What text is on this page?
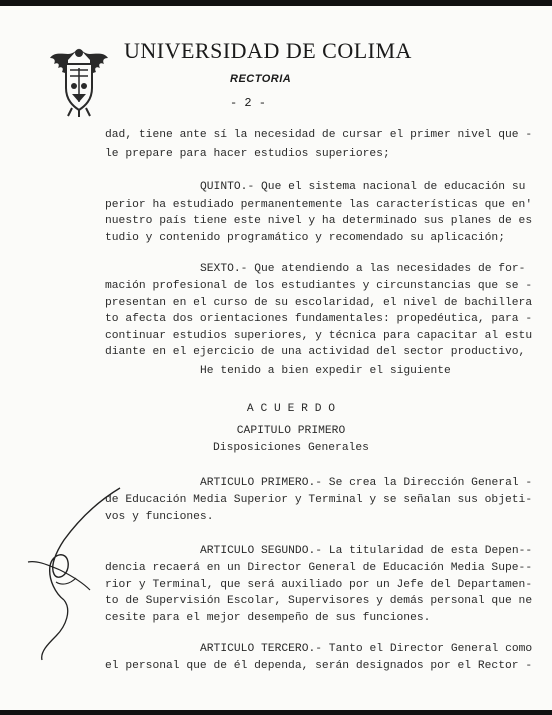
UNIVERSIDAD DE COLIMA
RECTORIA
- 2 -
dad, tiene ante sí la necesidad de cursar el primer nivel que -
le prepare para hacer estudios superiores;
QUINTO.- Que el sistema nacional de educación su
perior ha estudiado permanentemente las características que en'
nuestro país tiene este nivel y ha determinado sus planes de es
tudio y contenido programático y recomendado su aplicación;
SEXTO.- Que atendiendo a las necesidades de for-
mación profesional de los estudiantes y circunstancias que se -
presentan en el curso de su escolaridad, el nivel de bachillera
to afecta dos orientaciones fundamentales: propedéutica, para -
continuar estudios superiores, y técnica para capacitar al estu
diante en el ejercicio de una actividad del sector productivo,
He tenido a bien expedir el siguiente
A C U E R D O
CAPITULO PRIMERO
Disposiciones Generales
ARTICULO PRIMERO.- Se crea la Dirección General -
de Educación Media Superior y Terminal y se señalan sus objeti-
vos y funciones.
ARTICULO SEGUNDO.- La titularidad de esta Depen--
dencia recaerá en un Director General de Educación Media Supe--
rior y Terminal, que será auxiliado por un Jefe del Departamen-
to de Supervisión Escolar, Supervisores y demás personal que ne
cesite para el mejor desempeño de sus funciones.
ARTICULO TERCERO.- Tanto el Director General como
el personal que de él dependa, serán designados por el Rector -
